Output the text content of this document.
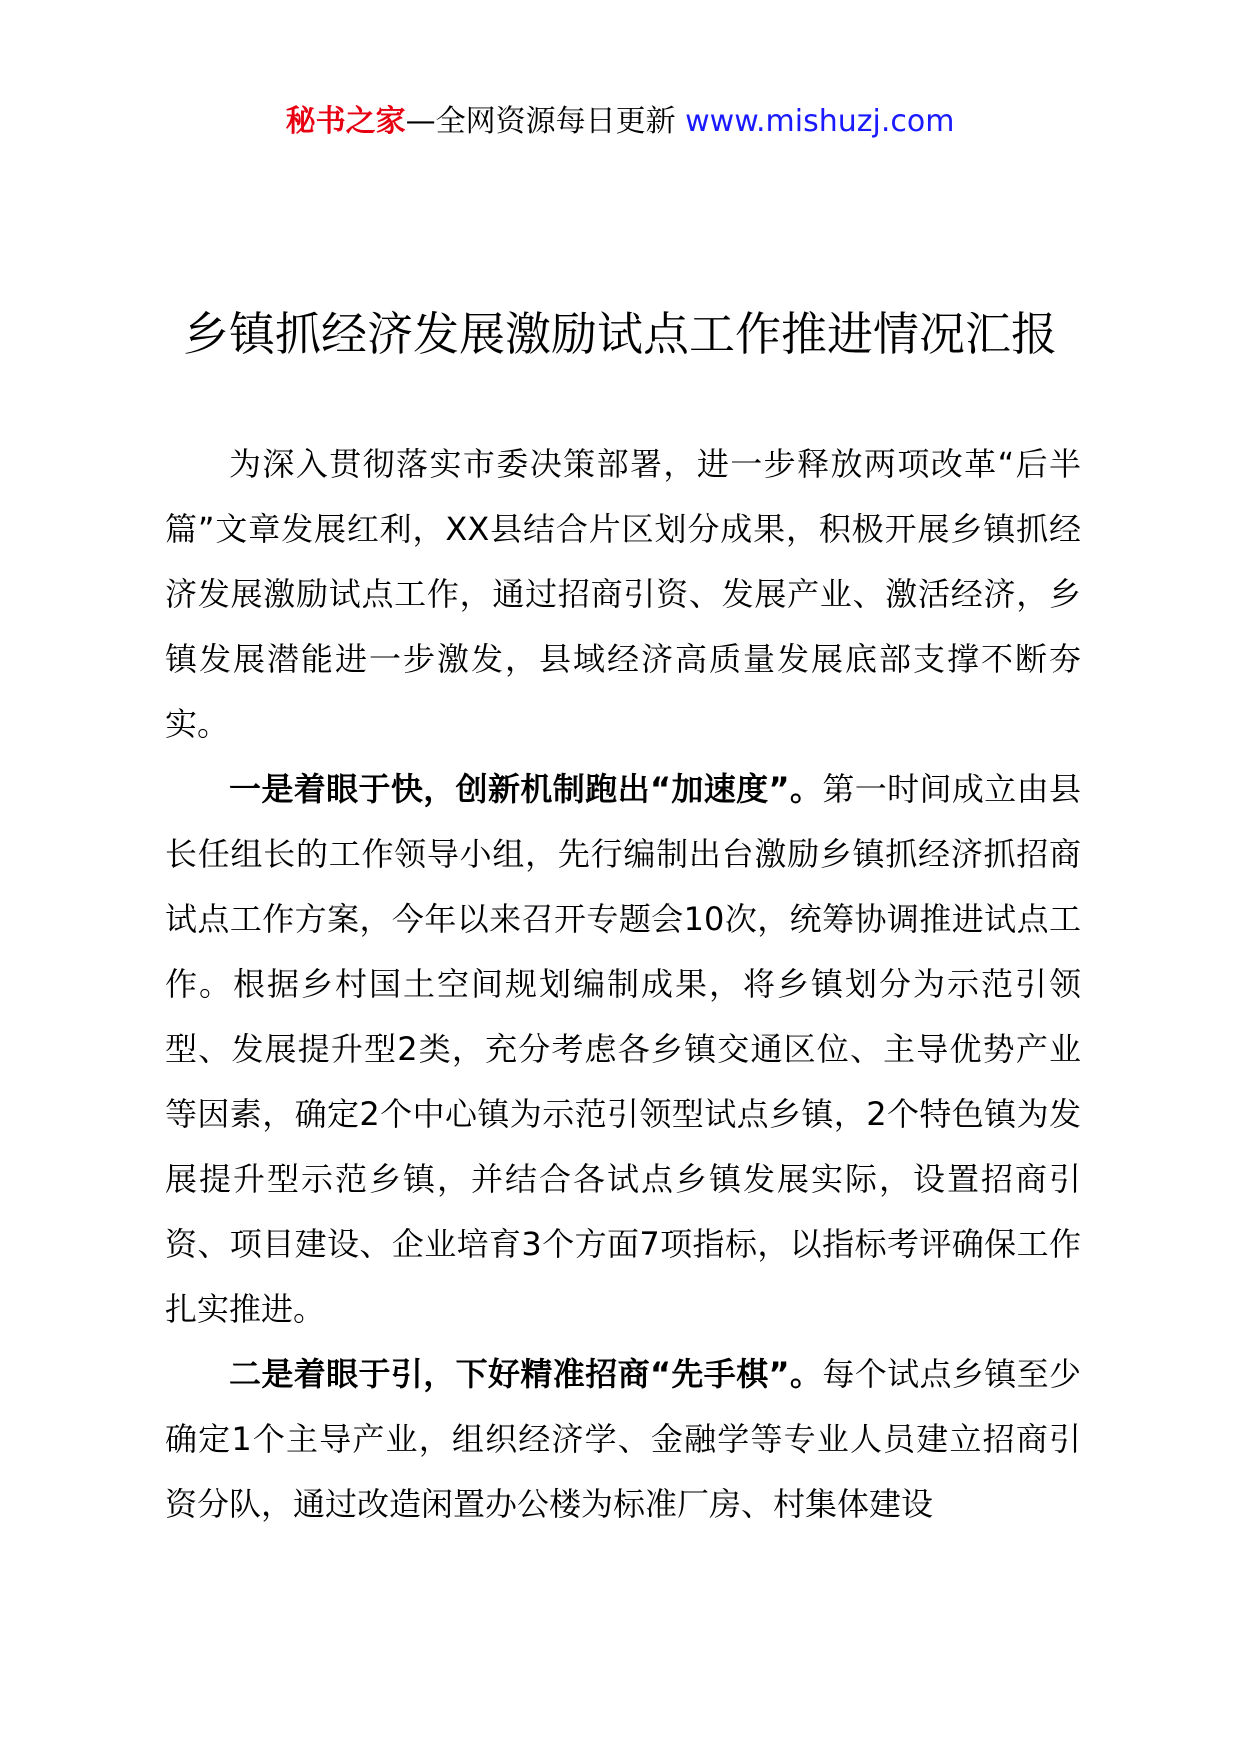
秘书之家—全网资源每日更新 www.mishuzj.com
乡镇抓经济发展激励试点工作推进情况汇报

为深入贯彻落实市委决策部署，进一步释放两项改革“后半篇”文章发展红利，XX县结合片区划分成果，积极开展乡镇抓经济发展激励试点工作，通过招商引资、发展产业、激活经济，乡镇发展潜能进一步激发，县域经济高质量发展底部支撑不断夯实。

一是着眼于快，创新机制跑出“加速度”。第一时间成立由县长任组长的工作领导小组，先行编制出台激励乡镇抓经济抓招商试点工作方案，今年以来召开专题会10次，统筹协调推进试点工作。根据乡村国土空间规划编制成果，将乡镇划分为示范引领型、发展提升型2类，充分考虑各乡镇交通区位、主导优势产业等因素，确定2个中心镇为示范引领型试点乡镇，2个特色镇为发展提升型示范乡镇，并结合各试点乡镇发展实际，设置招商引资、项目建设、企业培育3个方面7项指标，以指标考评确保工作扎实推进。

二是着眼于引，下好精准招商“先手棋”。每个试点乡镇至少确定1个主导产业，组织经济学、金融学等专业人员建立招商引资分队，通过改造闲置办公楼为标准厂房、村集体建设
